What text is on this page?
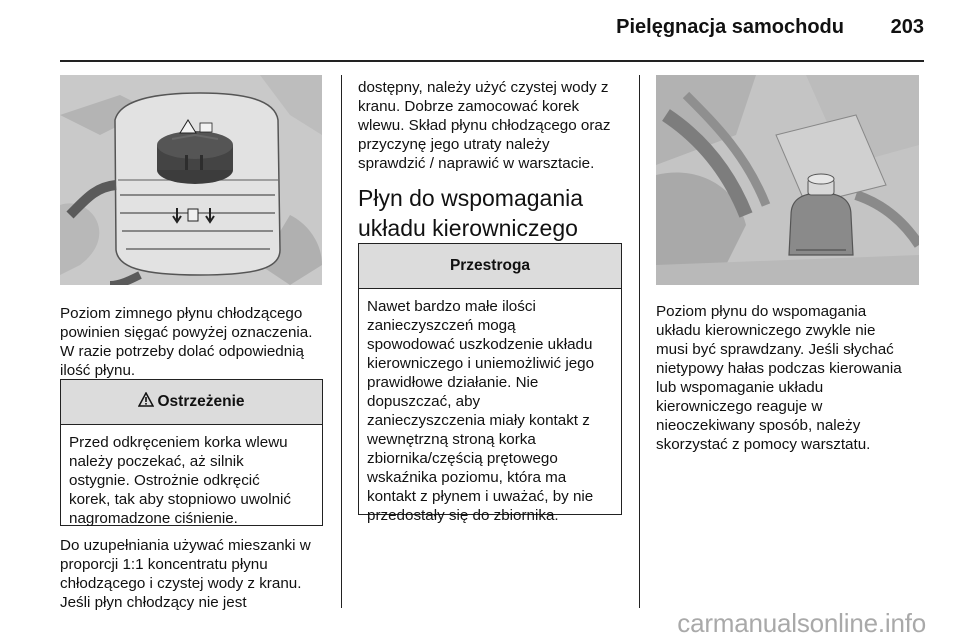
Pielęgnacja samochodu	203
Poziom zimnego płynu chłodzącego
powinien sięgać powyżej oznaczenia.
W razie potrzeby dolać odpowiednią
ilość płynu.
Ostrzeżenie
Przed odkręceniem korka wlewu
należy poczekać, aż silnik
ostygnie. Ostrożnie odkręcić
korek, tak aby stopniowo uwolnić
nagromadzone ciśnienie.
Do uzupełniania używać mieszanki w
proporcji 1:1 koncentratu płynu
chłodzącego i czystej wody z kranu.
Jeśli płyn chłodzący nie jest
dostępny, należy użyć czystej wody z
kranu. Dobrze zamocować korek
wlewu. Skład płynu chłodzącego oraz
przyczynę jego utraty należy
sprawdzić / naprawić w warsztacie.
Płyn do wspomagania
układu kierowniczego
Przestroga
Nawet bardzo małe ilości
zanieczyszczeń mogą
spowodować uszkodzenie układu
kierowniczego i uniemożliwić jego
prawidłowe działanie. Nie
dopuszczać, aby
zanieczyszczenia miały kontakt z
wewnętrzną stroną korka
zbiornika/częścią prętowego
wskaźnika poziomu, która ma
kontakt z płynem i uważać, by nie
przedostały się do zbiornika.
Poziom płynu do wspomagania
układu kierowniczego zwykle nie
musi być sprawdzany. Jeśli słychać
nietypowy hałas podczas kierowania
lub wspomaganie układu
kierowniczego reaguje w
nieoczekiwany sposób, należy
skorzystać z pomocy warsztatu.
carmanualsonline.info
